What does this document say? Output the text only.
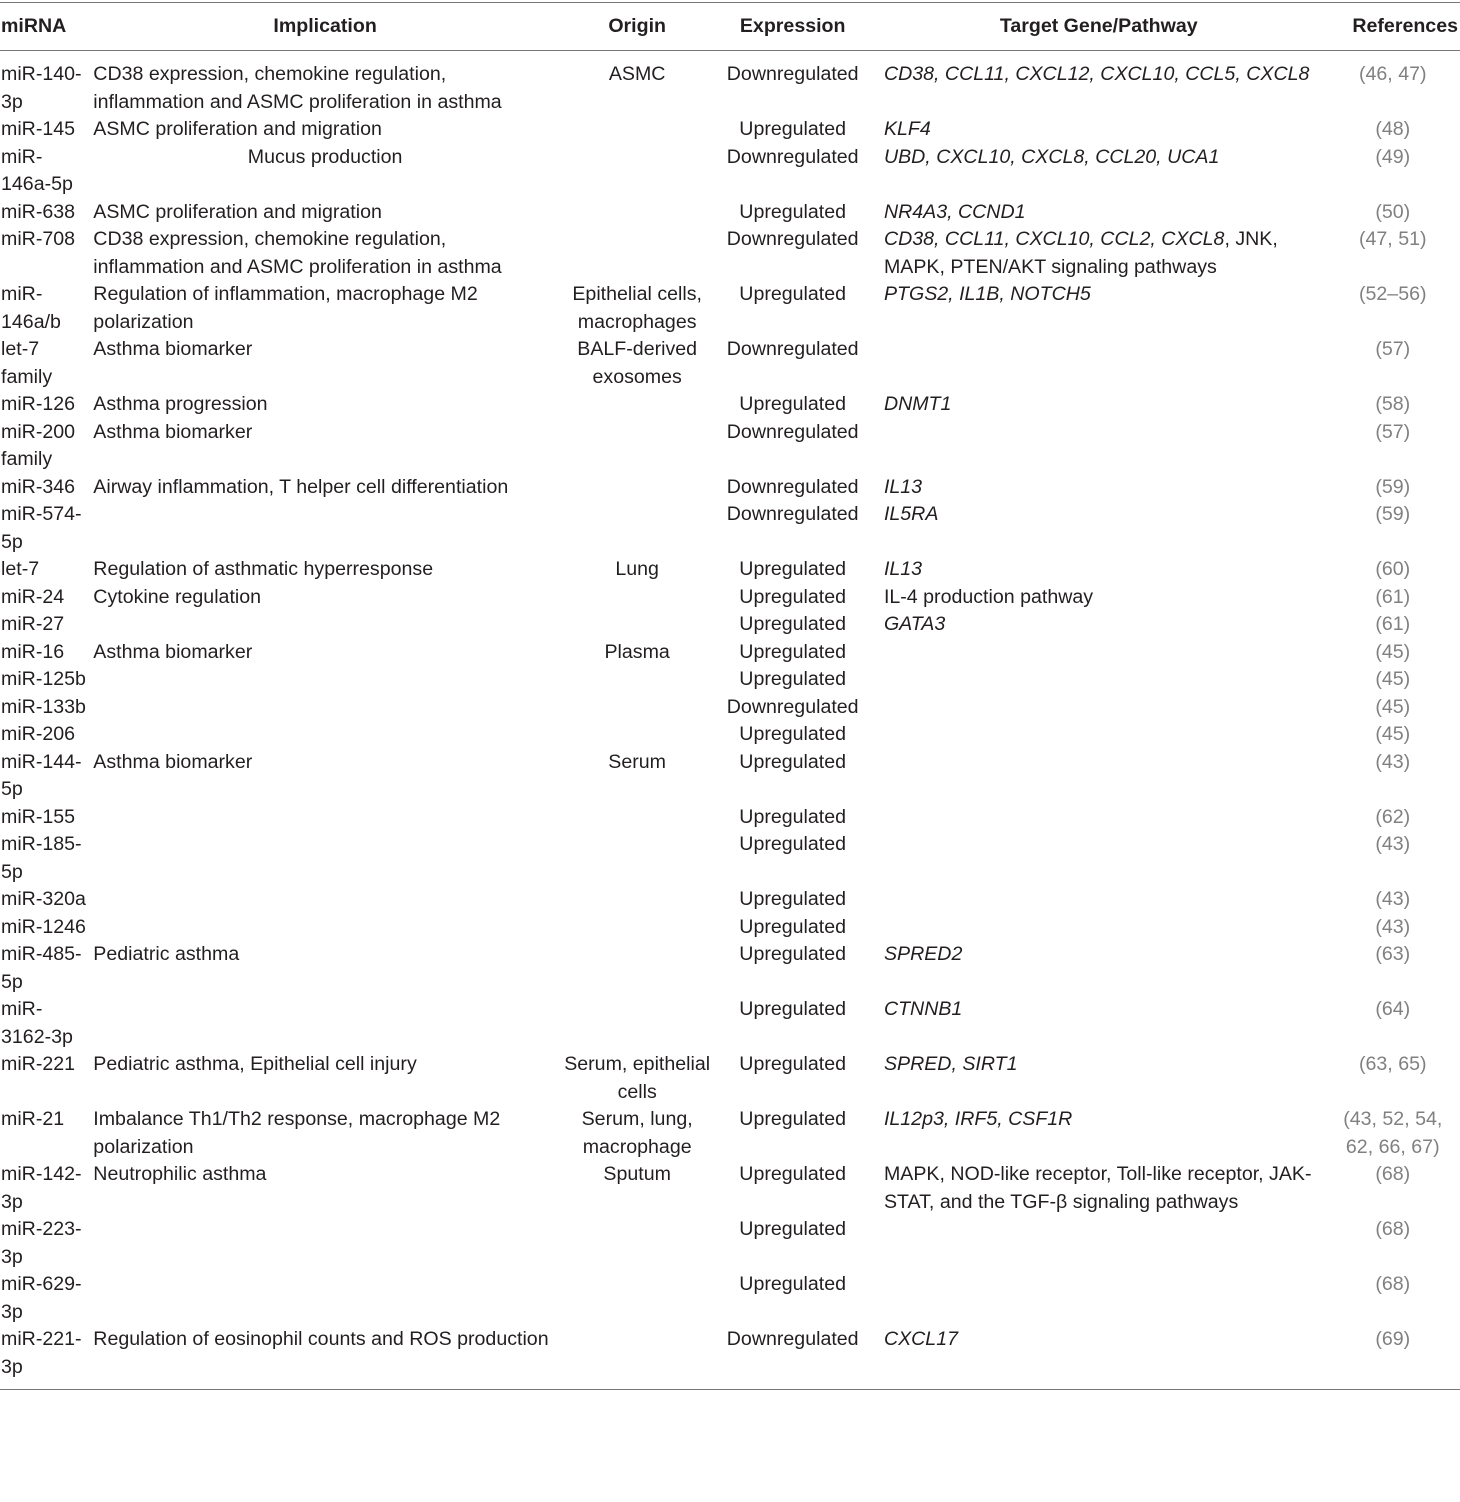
miRNA	Implication	Origin	Expression	Target Gene/Pathway	References
miR-140-3p	CD38 expression, chemokine regulation, inflammation and ASMC proliferation in asthma	ASMC	Downregulated	CD38, CCL11, CXCL12, CXCL10, CCL5, CXCL8	(46, 47)
miR-145	ASMC proliferation and migration		Upregulated	KLF4	(48)
miR-146a-5p	Mucus production		Downregulated	UBD, CXCL10, CXCL8, CCL20, UCA1	(49)
miR-638	ASMC proliferation and migration		Upregulated	NR4A3, CCND1	(50)
miR-708	CD38 expression, chemokine regulation, inflammation and ASMC proliferation in asthma		Downregulated	CD38, CCL11, CXCL10, CCL2, CXCL8, JNK, MAPK, PTEN/AKT signaling pathways	(47, 51)
miR-146a/b	Regulation of inflammation, macrophage M2 polarization	Epithelial cells, macrophages	Upregulated	PTGS2, IL1B, NOTCH5	(52–56)
let-7 family	Asthma biomarker	BALF-derived exosomes	Downregulated		(57)
miR-126	Asthma progression		Upregulated	DNMT1	(58)
miR-200 family	Asthma biomarker		Downregulated		(57)
miR-346	Airway inflammation, T helper cell differentiation		Downregulated	IL13	(59)
miR-574-5p			Downregulated	IL5RA	(59)
let-7	Regulation of asthmatic hyperresponse	Lung	Upregulated	IL13	(60)
miR-24	Cytokine regulation		Upregulated	IL-4 production pathway	(61)
miR-27			Upregulated	GATA3	(61)
miR-16	Asthma biomarker	Plasma	Upregulated		(45)
miR-125b			Upregulated		(45)
miR-133b			Downregulated		(45)
miR-206			Upregulated		(45)
miR-144-5p	Asthma biomarker	Serum	Upregulated		(43)
miR-155			Upregulated		(62)
miR-185-5p			Upregulated		(43)
miR-320a			Upregulated		(43)
miR-1246			Upregulated		(43)
miR-485-5p	Pediatric asthma		Upregulated	SPRED2	(63)
miR-3162-3p			Upregulated	CTNNB1	(64)
miR-221	Pediatric asthma, Epithelial cell injury	Serum, epithelial cells	Upregulated	SPRED, SIRT1	(63, 65)
miR-21	Imbalance Th1/Th2 response, macrophage M2 polarization	Serum, lung, macrophage	Upregulated	IL12p3, IRF5, CSF1R	(43, 52, 54, 62, 66, 67)
miR-142-3p	Neutrophilic asthma	Sputum	Upregulated	MAPK, NOD-like receptor, Toll-like receptor, JAK-STAT, and the TGF-β signaling pathways	(68)
miR-223-3p			Upregulated		(68)
miR-629-3p			Upregulated		(68)
miR-221-3p	Regulation of eosinophil counts and ROS production		Downregulated	CXCL17	(69)
